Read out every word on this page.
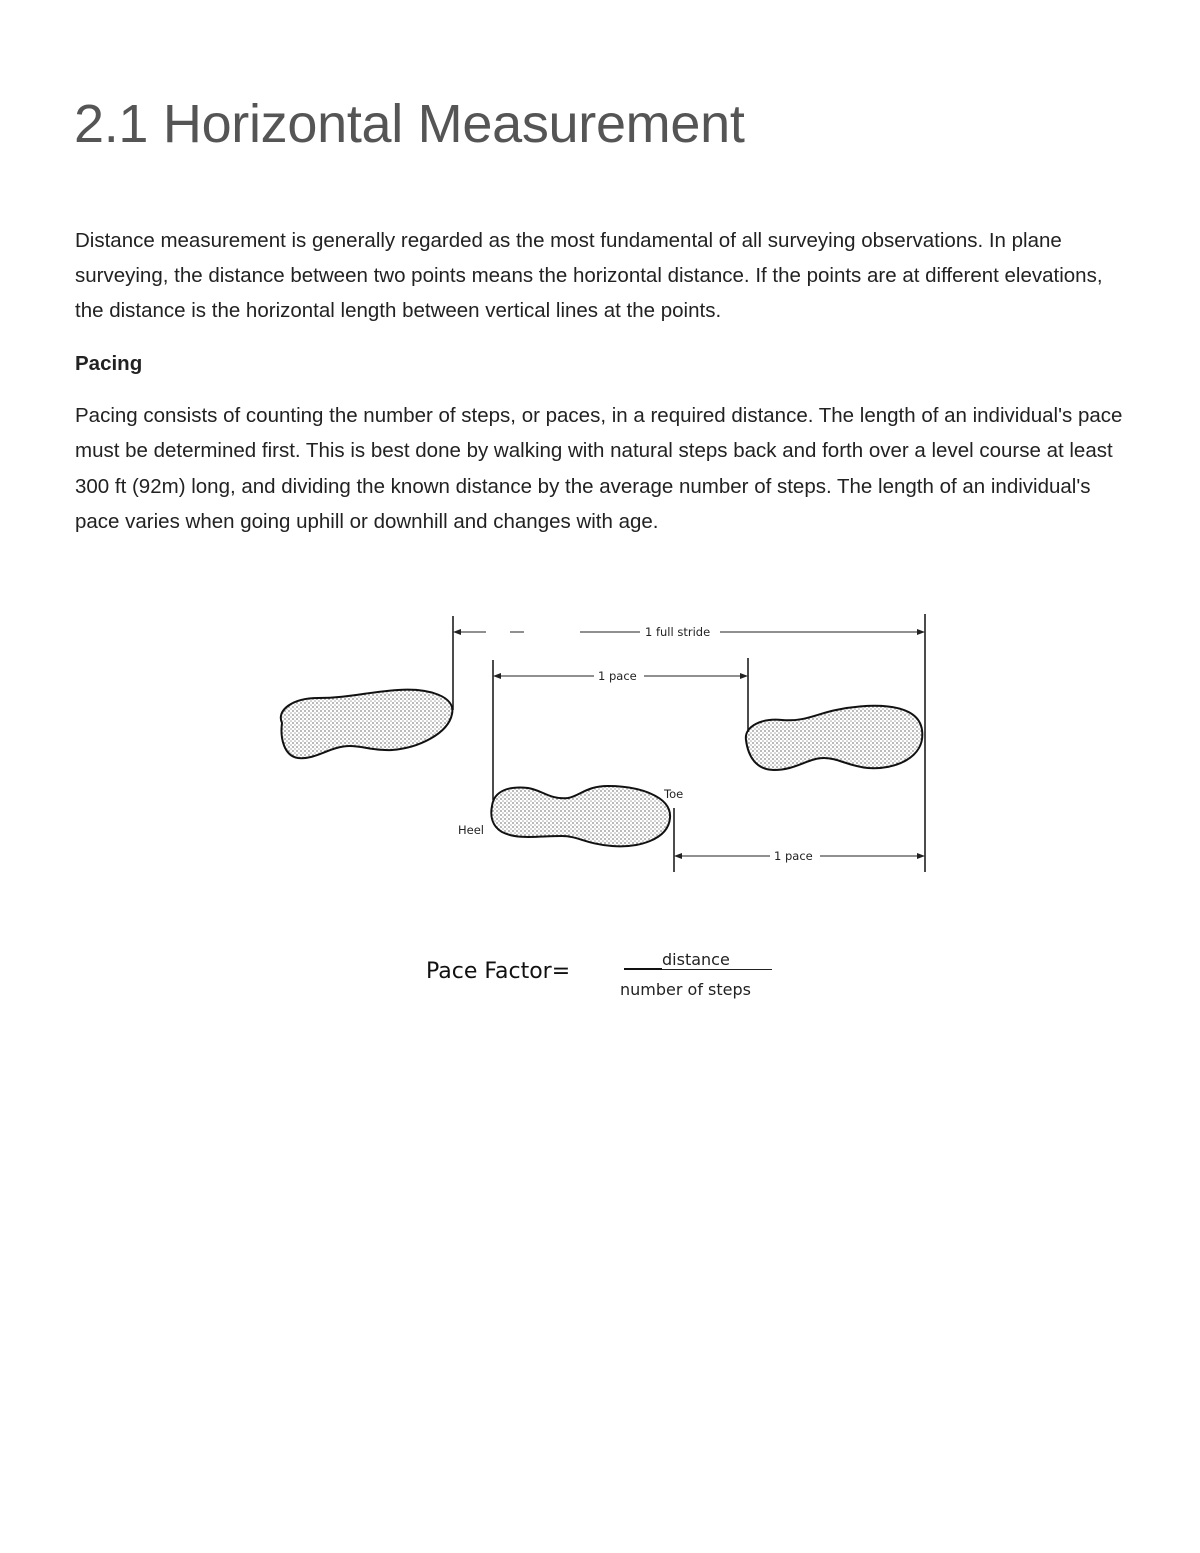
2.1 Horizontal Measurement

Distance measurement is generally regarded as the most fundamental of all surveying observations. In plane surveying, the distance between two points means the horizontal distance. If the points are at different elevations, the distance is the horizontal length between vertical lines at the points.

Pacing

Pacing consists of counting the number of steps, or paces, in a required distance. The length of an individual's pace must be determined first. This is best done by walking with natural steps back and forth over a level course at least 300 ft (92m) long, and dividing the known distance by the average number of steps. The length of an individual's pace varies when going uphill or downhill and changes with age.

1 full stride
1 pace
Toe
Heel
1 pace
Pace Factor=	distance
number of steps
